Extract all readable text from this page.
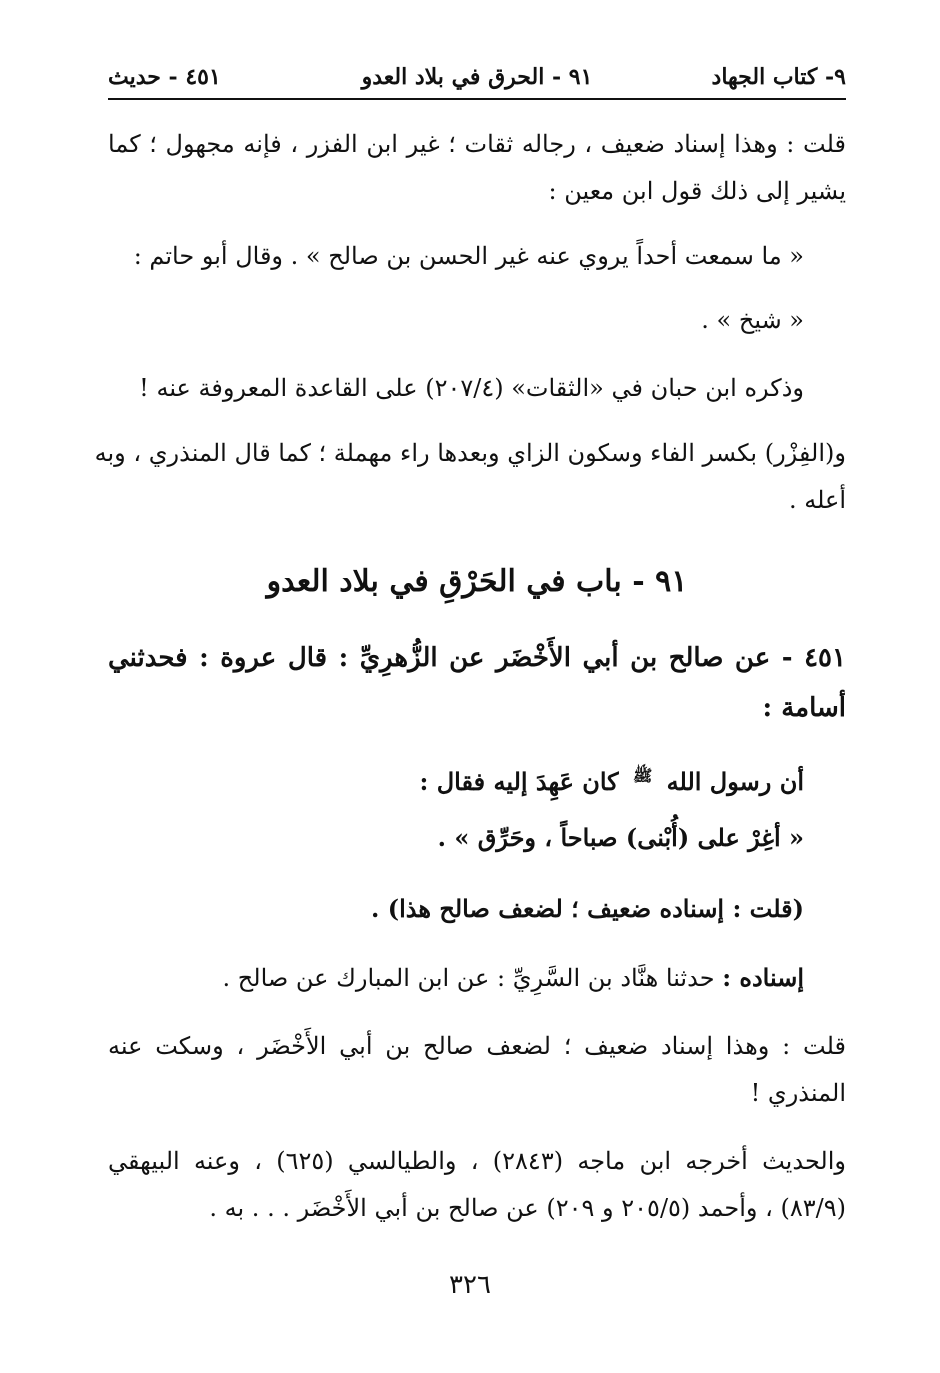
٩- كتاب الجهاد
٩١ - الحرق في بلاد العدو
٤٥١ - حديث
قلت : وهذا إسناد ضعيف ، رجاله ثقات ؛ غير ابن الفزر ، فإنه مجهول ؛ كما
يشير إلى ذلك قول ابن معين :
« ما سمعت أحداً يروي عنه غير الحسن بن صالح » . وقال أبو حاتم :
« شيخ » .
وذكره ابن حبان في «الثقات» (٢٠٧/٤) على القاعدة المعروفة عنه !
و(الفِزْر) بكسر الفاء وسكون الزاي وبعدها راء مهملة ؛ كما قال المنذري ، وبه
أعله .
٩١ - باب في الحَرْقِ في بلاد العدو
٤٥١ - عن صالح بن أبي الأَخْضَر عن الزُّهرِيِّ : قال عروة : فحدثني
أسامة :
أن رسول الله $^ﷺ$ كان عَهِدَ إليه فقال :
« أغِرْ على (أُبْنى) صباحاً ، وحَرِّق » .
(قلت : إسناده ضعيف ؛ لضعف صالح هذا) .
إسناده : حدثنا هنَّاد بن السَّرِيِّ : عن ابن المبارك عن صالح .
قلت : وهذا إسناد ضعيف ؛ لضعف صالح بن أبي الأَخْضَر ، وسكت عنه
المنذري !
والحديث أخرجه ابن ماجه (٢٨٤٣) ، والطيالسي (٦٢٥) ، وعنه البيهقي
(٨٣/٩) ، وأحمد (٢٠٥/٥ و ٢٠٩) عن صالح بن أبي الأَخْضَر . . . به .
٣٢٦
